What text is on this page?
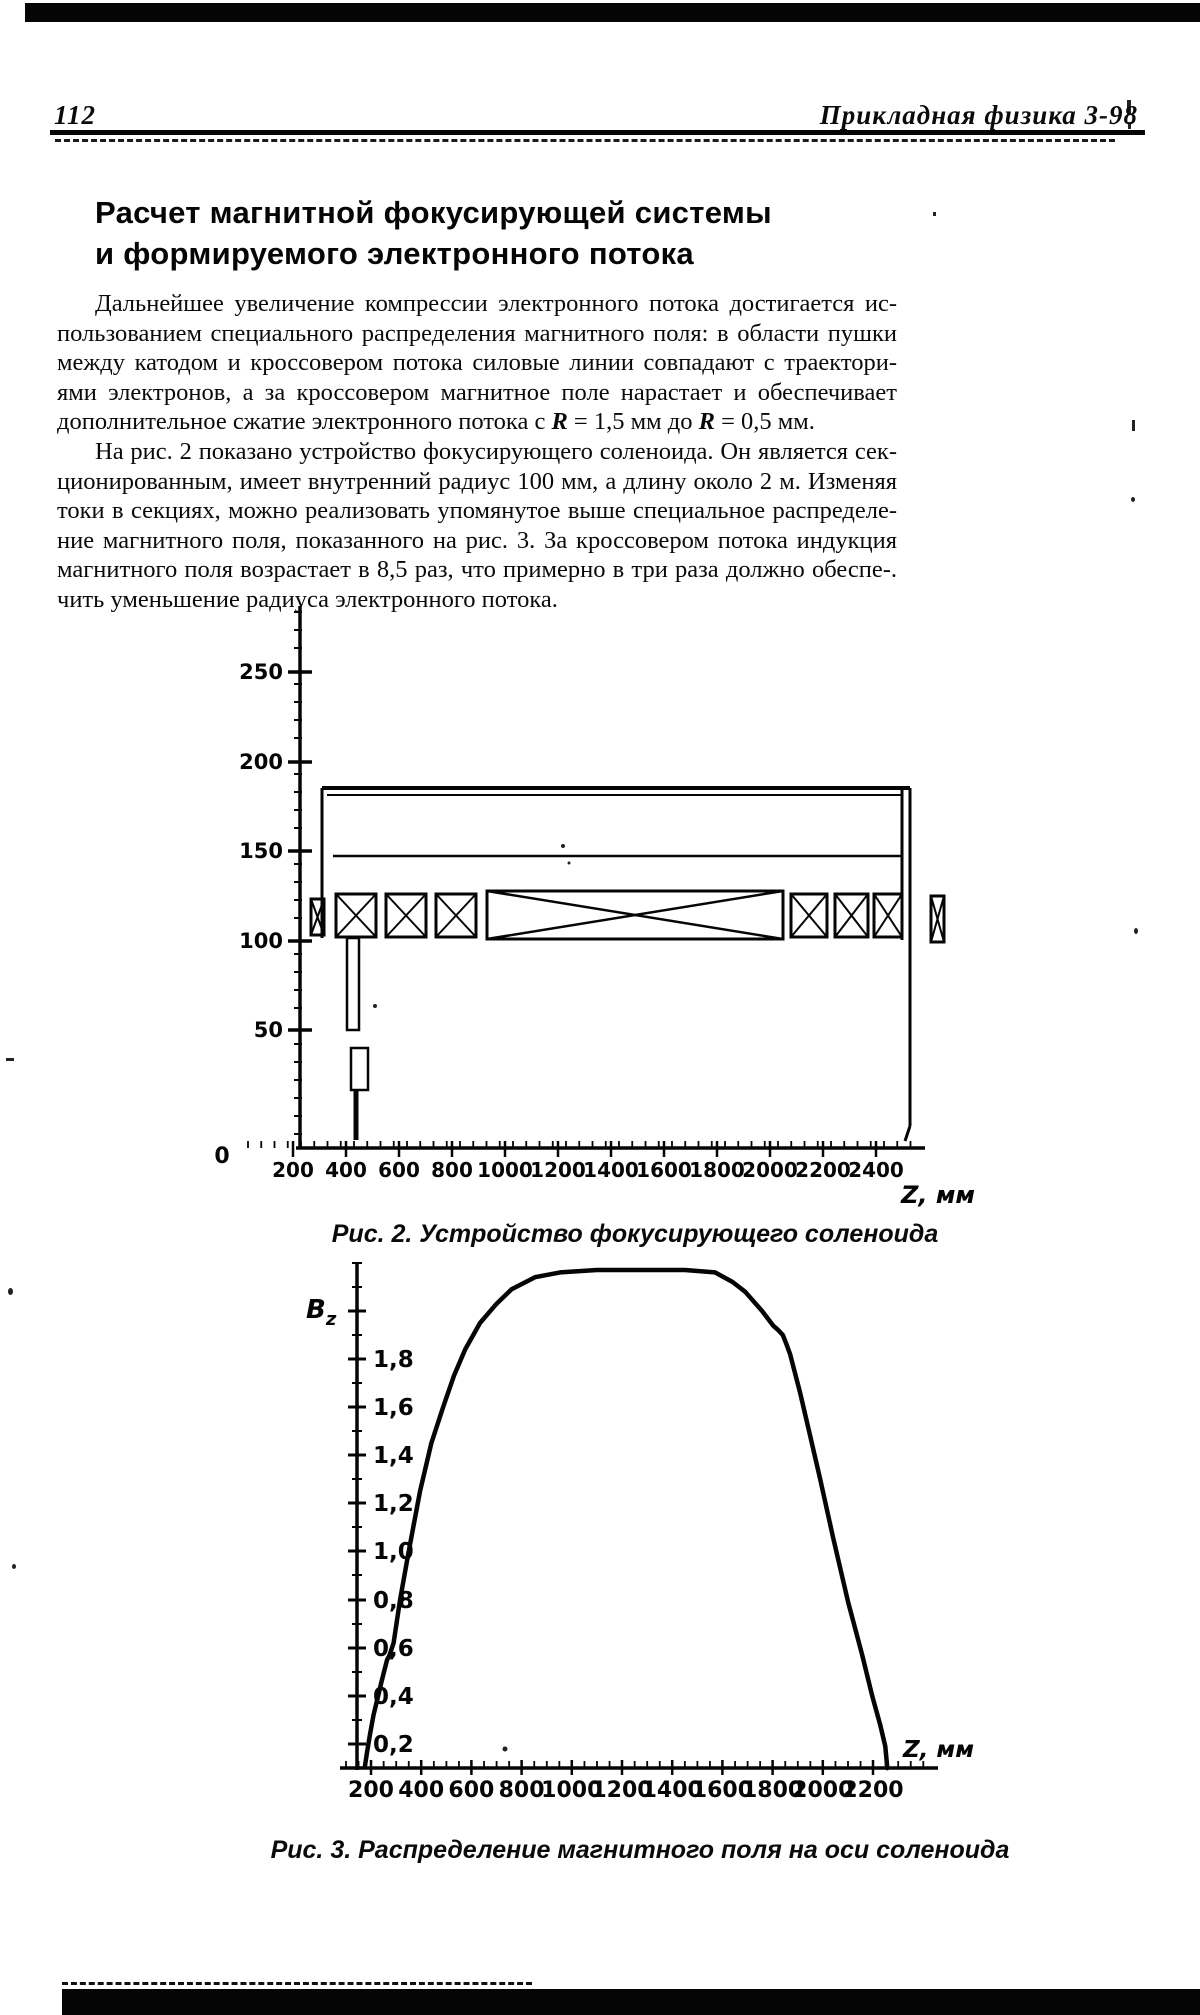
112	Прикладная физика 3-98
Расчет магнитной фокусирующей системы
и формируемого электронного потока
Дальнейшее увеличение компрессии электронного потока достигается ис-
пользованием специального распределения магнитного поля: в области пушки
между катодом и кроссовером потока силовые линии совпадают с траектори-
ями электронов, а за кроссовером магнитное поле нарастает и обеспечивает
дополнительное сжатие электронного потока с R = 1,5 мм до R = 0,5 мм.
На рис. 2 показано устройство фокусирующего соленоида. Он является сек-
ционированным, имеет внутренний радиус 100 мм, а длину около 2 м. Изменяя
токи в секциях, можно реализовать упомянутое выше специальное распределе-
ние магнитного поля, показанного на рис. 3. За кроссовером потока индукция
магнитного поля возрастает в 8,5 раз, что примерно в три раза должно обеспе-.
чить уменьшение радиуса электронного потока.
250
200
150
100
50
0
200 400 600 800 1000
1200
1400
1600
1800
2000
2200
2400
Z, мм
Рис. 2. Устройство фокусирующего соленоида
1,8
1,6
1,4
1,2
1,0
0,8
0,6
0,4
0,2
$B_z$
200 400 600 800
1000
1200
1400
1600
1800
2000
2200
Z, мм
Рис. 3. Распределение магнитного поля на оси соленоида
